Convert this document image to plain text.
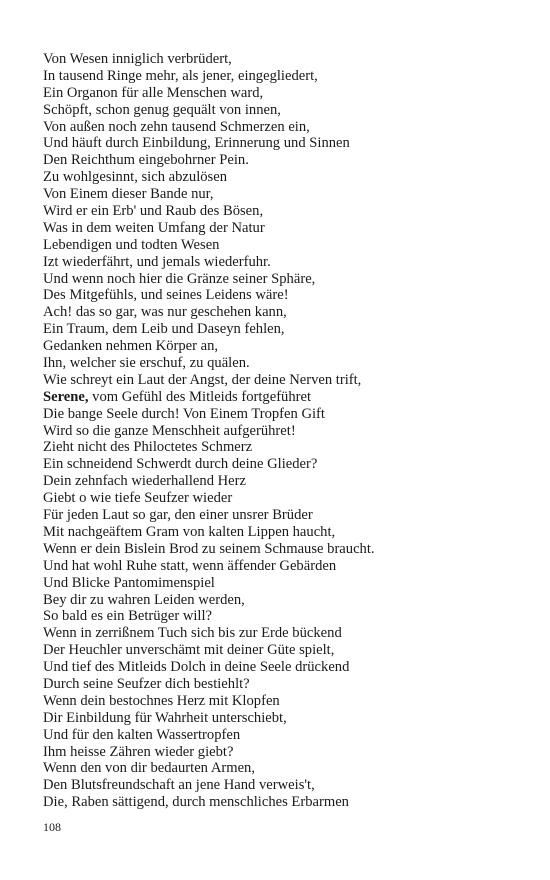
Von Wesen inniglich verbrüdert,
In tausend Ringe mehr, als jener, eingegliedert,
Ein Organon für alle Menschen ward,
Schöpft, schon genug gequält von innen,
Von außen noch zehn tausend Schmerzen ein,
Und häuft durch Einbildung, Erinnerung und Sinnen
Den Reichthum eingebohrner Pein.
Zu wohlgesinnt, sich abzulösen
Von Einem dieser Bande nur,
Wird er ein Erb' und Raub des Bösen,
Was in dem weiten Umfang der Natur
Lebendigen und todten Wesen
Izt wiederfährt, und jemals wiederfuhr.
Und wenn noch hier die Gränze seiner Sphäre,
Des Mitgefühls, und seines Leidens wäre!
Ach! das so gar, was nur geschehen kann,
Ein Traum, dem Leib und Daseyn fehlen,
Gedanken nehmen Körper an,
Ihn, welcher sie erschuf, zu quälen.
Wie schreyt ein Laut der Angst, der deine Nerven trift,
Serene, vom Gefühl des Mitleids fortgeführet
Die bange Seele durch! Von Einem Tropfen Gift
Wird so die ganze Menschheit aufgerühret!
Zieht nicht des Philoctetes Schmerz
Ein schneidend Schwerdt durch deine Glieder?
Dein zehnfach wiederhallend Herz
Giebt o wie tiefe Seufzer wieder
Für jeden Laut so gar, den einer unsrer Brüder
Mit nachgeäftem Gram von kalten Lippen haucht,
Wenn er dein Bislein Brod zu seinem Schmause braucht.
Und hat wohl Ruhe statt, wenn äffender Gebärden
Und Blicke Pantomimenspiel
Bey dir zu wahren Leiden werden,
So bald es ein Betrüger will?
Wenn in zerrißnem Tuch sich bis zur Erde bückend
Der Heuchler unverschämt mit deiner Güte spielt,
Und tief des Mitleids Dolch in deine Seele drückend
Durch seine Seufzer dich bestiehlt?
Wenn dein bestochnes Herz mit Klopfen
Dir Einbildung für Wahrheit unterschiebt,
Und für den kalten Wassertropfen
Ihm heisse Zähren wieder giebt?
Wenn den von dir bedaurten Armen,
Den Blutsfreundschaft an jene Hand verweis't,
Die, Raben sättigend, durch menschliches Erbarmen
108
